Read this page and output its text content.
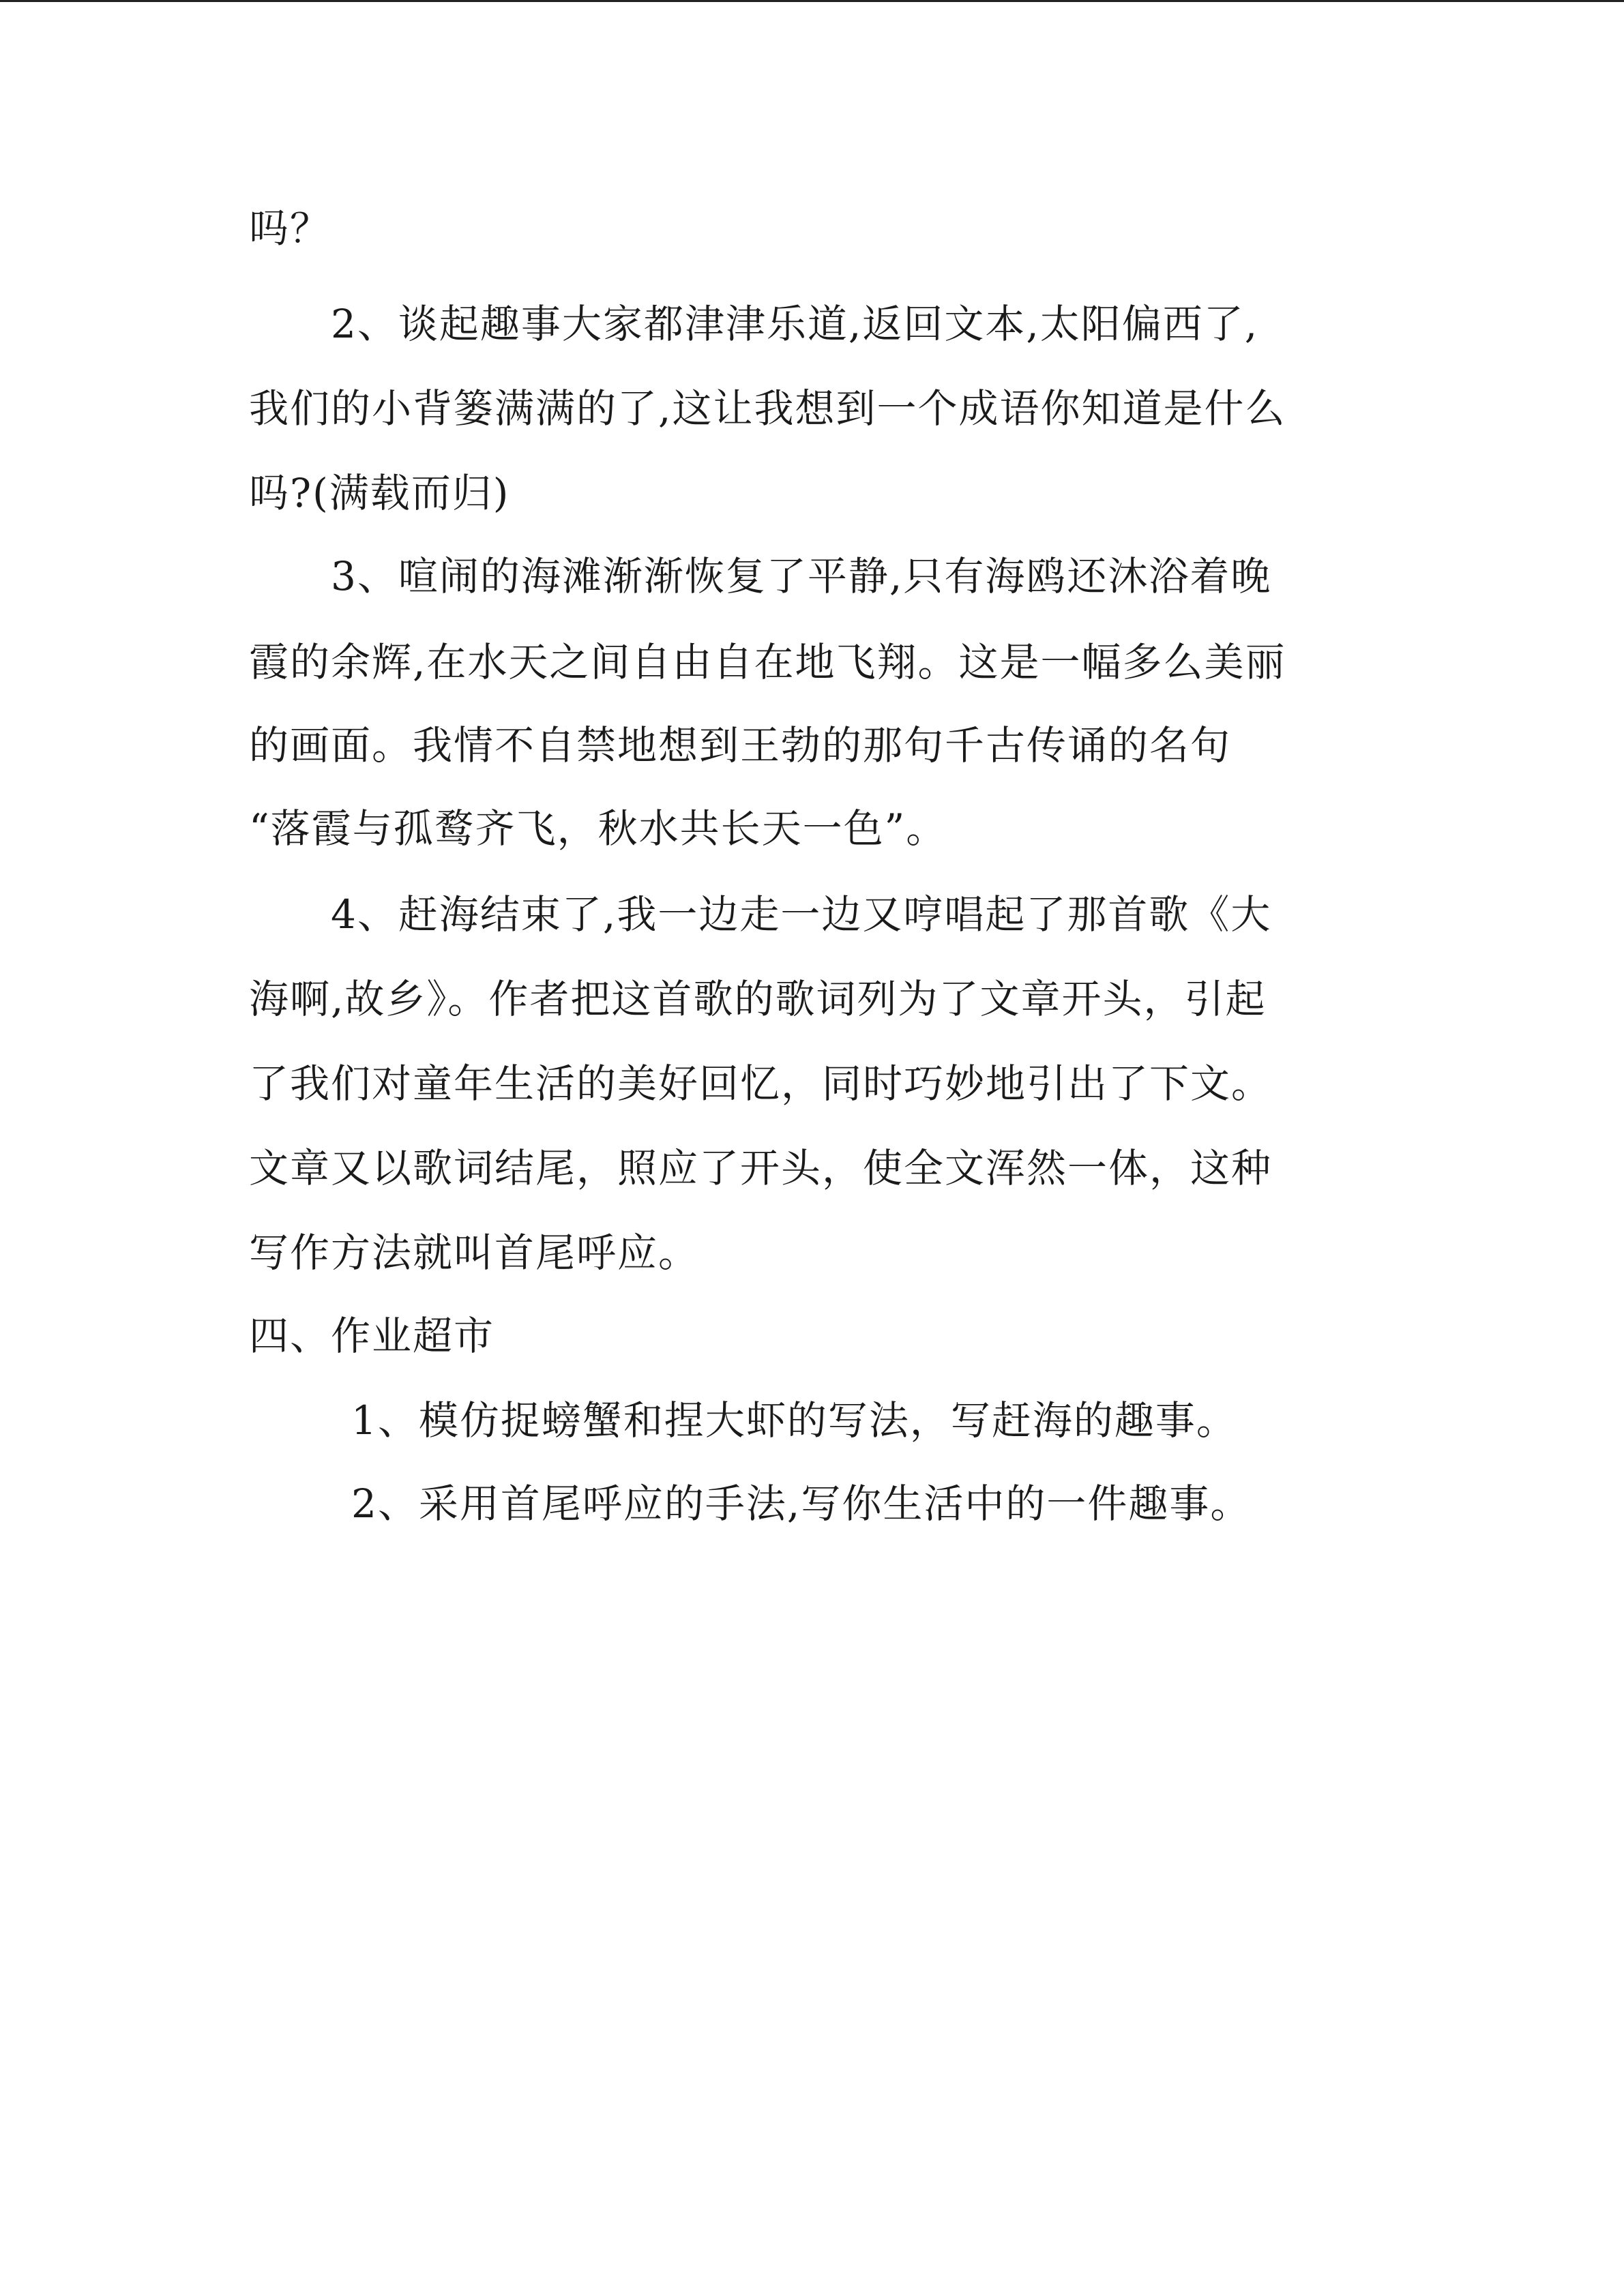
吗？
2、谈起趣事大家都津津乐道,返回文本,太阳偏西了,
我们的小背篓满满的了,这让我想到一个成语你知道是什么
吗?(满载而归)
3、喧闹的海滩渐渐恢复了平静,只有海鸥还沐浴着晚
霞的余辉,在水天之间自由自在地飞翔。这是一幅多么美丽
的画面。我情不自禁地想到王勃的那句千古传诵的名句
“落霞与孤鹜齐飞，秋水共长天一色”。
4、赶海结束了,我一边走一边又哼唱起了那首歌《大
海啊,故乡》。作者把这首歌的歌词列为了文章开头，引起
了我们对童年生活的美好回忆，同时巧妙地引出了下文。
文章又以歌词结尾，照应了开头，使全文浑然一体，这种
写作方法就叫首尾呼应。
四、作业超市
1、模仿捉螃蟹和捏大虾的写法，写赶海的趣事。
2、采用首尾呼应的手法,写你生活中的一件趣事。
